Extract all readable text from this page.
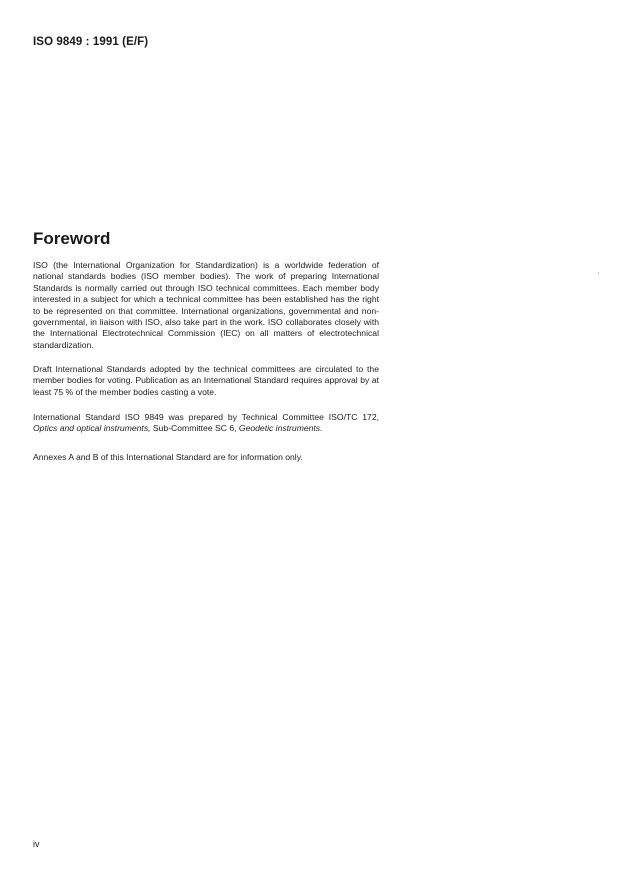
ISO 9849 : 1991 (E/F)
Foreword

ISO (the International Organization for Standardization) is a worldwide federation of national standards bodies (ISO member bodies). The work of preparing International Standards is normally carried out through ISO technical committees. Each member body interested in a subject for which a technical committee has been established has the right to be represented on that committee. International organizations, governmental and non-governmental, in liaison with ISO, also take part in the work. ISO collaborates closely with the International Electrotechnical Commission (IEC) on all matters of electrotechnical standardization.

Draft International Standards adopted by the technical committees are circulated to the member bodies for voting. Publication as an International Standard requires approval by at least 75 % of the member bodies casting a vote.

International Standard ISO 9849 was prepared by Technical Committee ISO/TC 172, Optics and optical instruments, Sub-Committee SC 6, Geodetic instruments.

Annexes A and B of this International Standard are for information only.

iv
